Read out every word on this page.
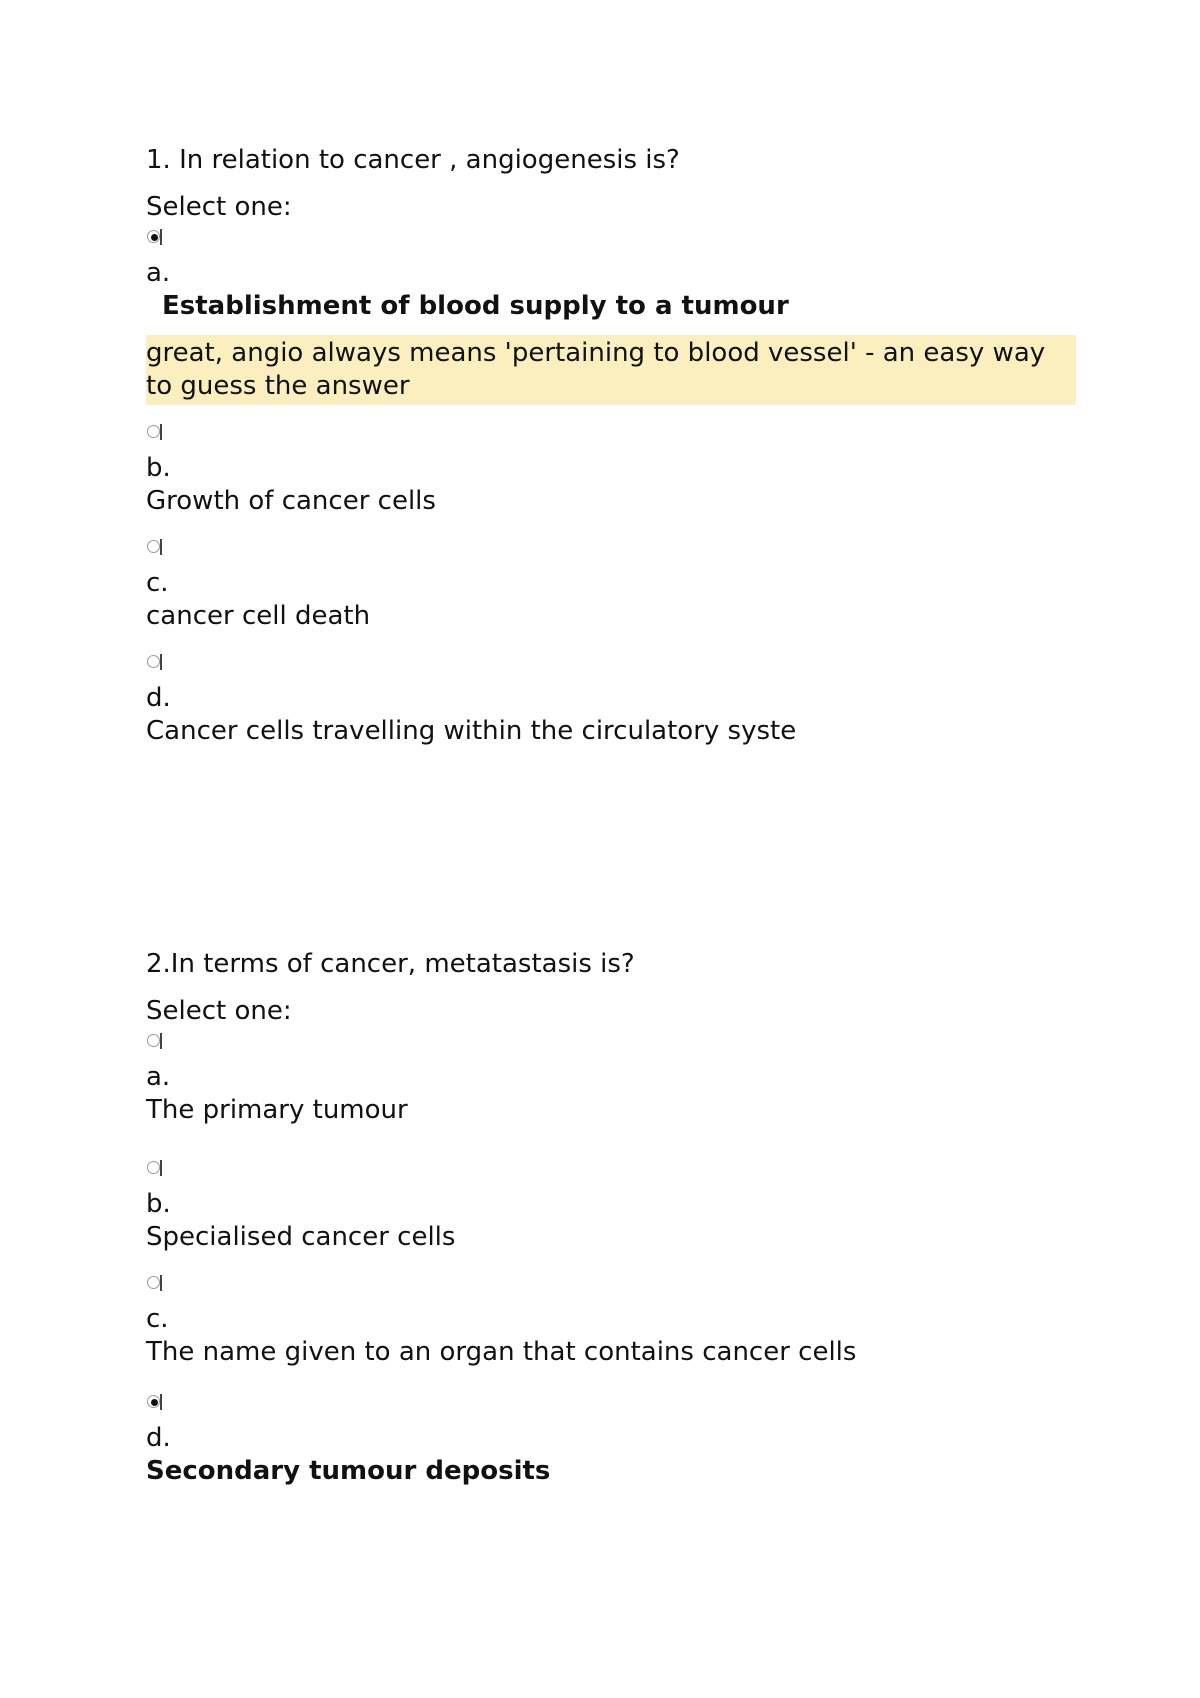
1. In relation to cancer , angiogenesis is?

Select one:

a.

Establishment of blood supply to a tumour

great, angio always means 'pertaining to blood vessel' - an easy way to guess the answer

b.

Growth of cancer cells

c.

cancer cell death

d.

Cancer cells travelling within the circulatory syste

2.In terms of cancer, metatastasis is?

Select one:

a.

The primary tumour

b.

Specialised cancer cells

c.

The name given to an organ that contains cancer cells

d.

Secondary tumour deposits
